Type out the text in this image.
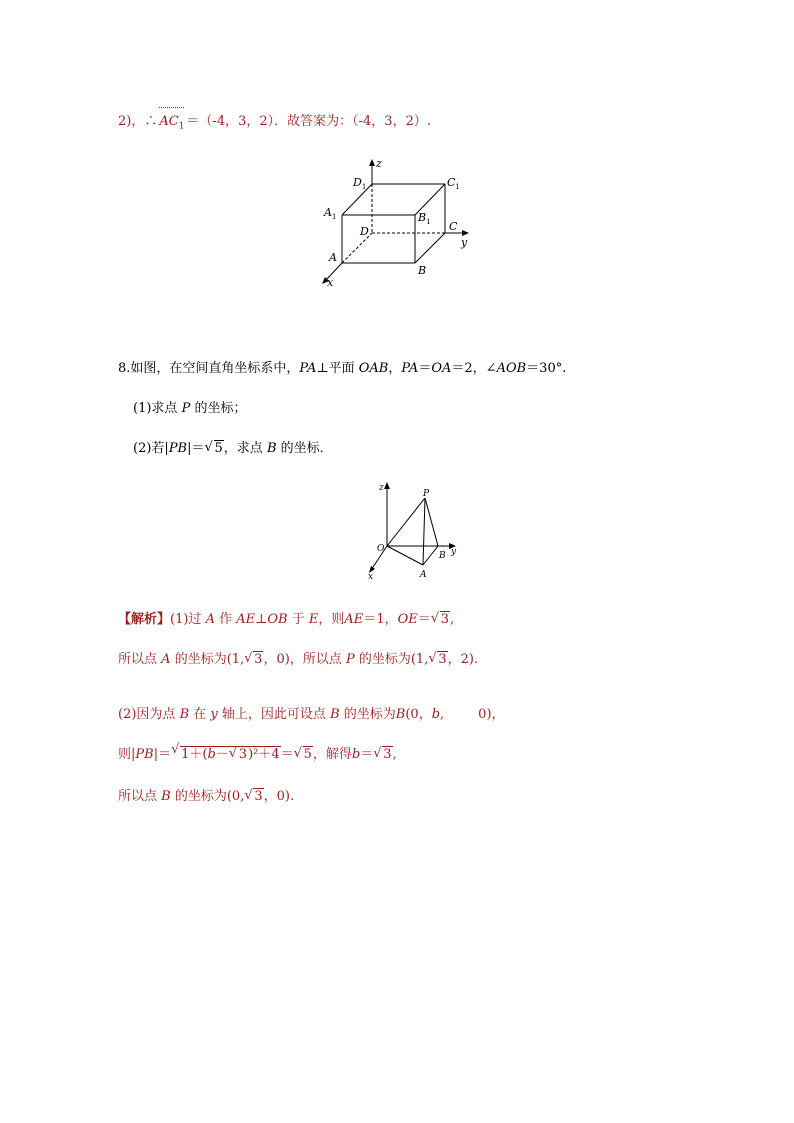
2)，∴ $AC_1 =(-4$，3，2）．故答案为：（-4，3，2）.
z
$D_1$	$C_1$
$A_1$	$B_1$
D	C
y
A
B
x
8.如图，在空间直角坐标系中，PA⊥平面 OAB，PA＝OA＝2，∠AOB＝30°.
(1)求点 P 的坐标；
(2)若|PB|＝ √ 5，求点 B 的坐标．
z
P
O	y
B
A
x
【解析】(1)过 A 作 AE⊥OB 于 E，则AE＝1，OE＝ √ 3,
所以点 A 的坐标为(1, √ 3，0)，所以点 P 的坐标为(1, √ 3，2).
(2)因为点 B 在 y 轴上，因此可设点 B 的坐标为B(0，b,	0)，
则|PB|＝ √ 1＋(b－ √ 3)²＋4＝ √ 5，解得b＝ √ 3,
所以点 B 的坐标为(0, √ 3，0).
